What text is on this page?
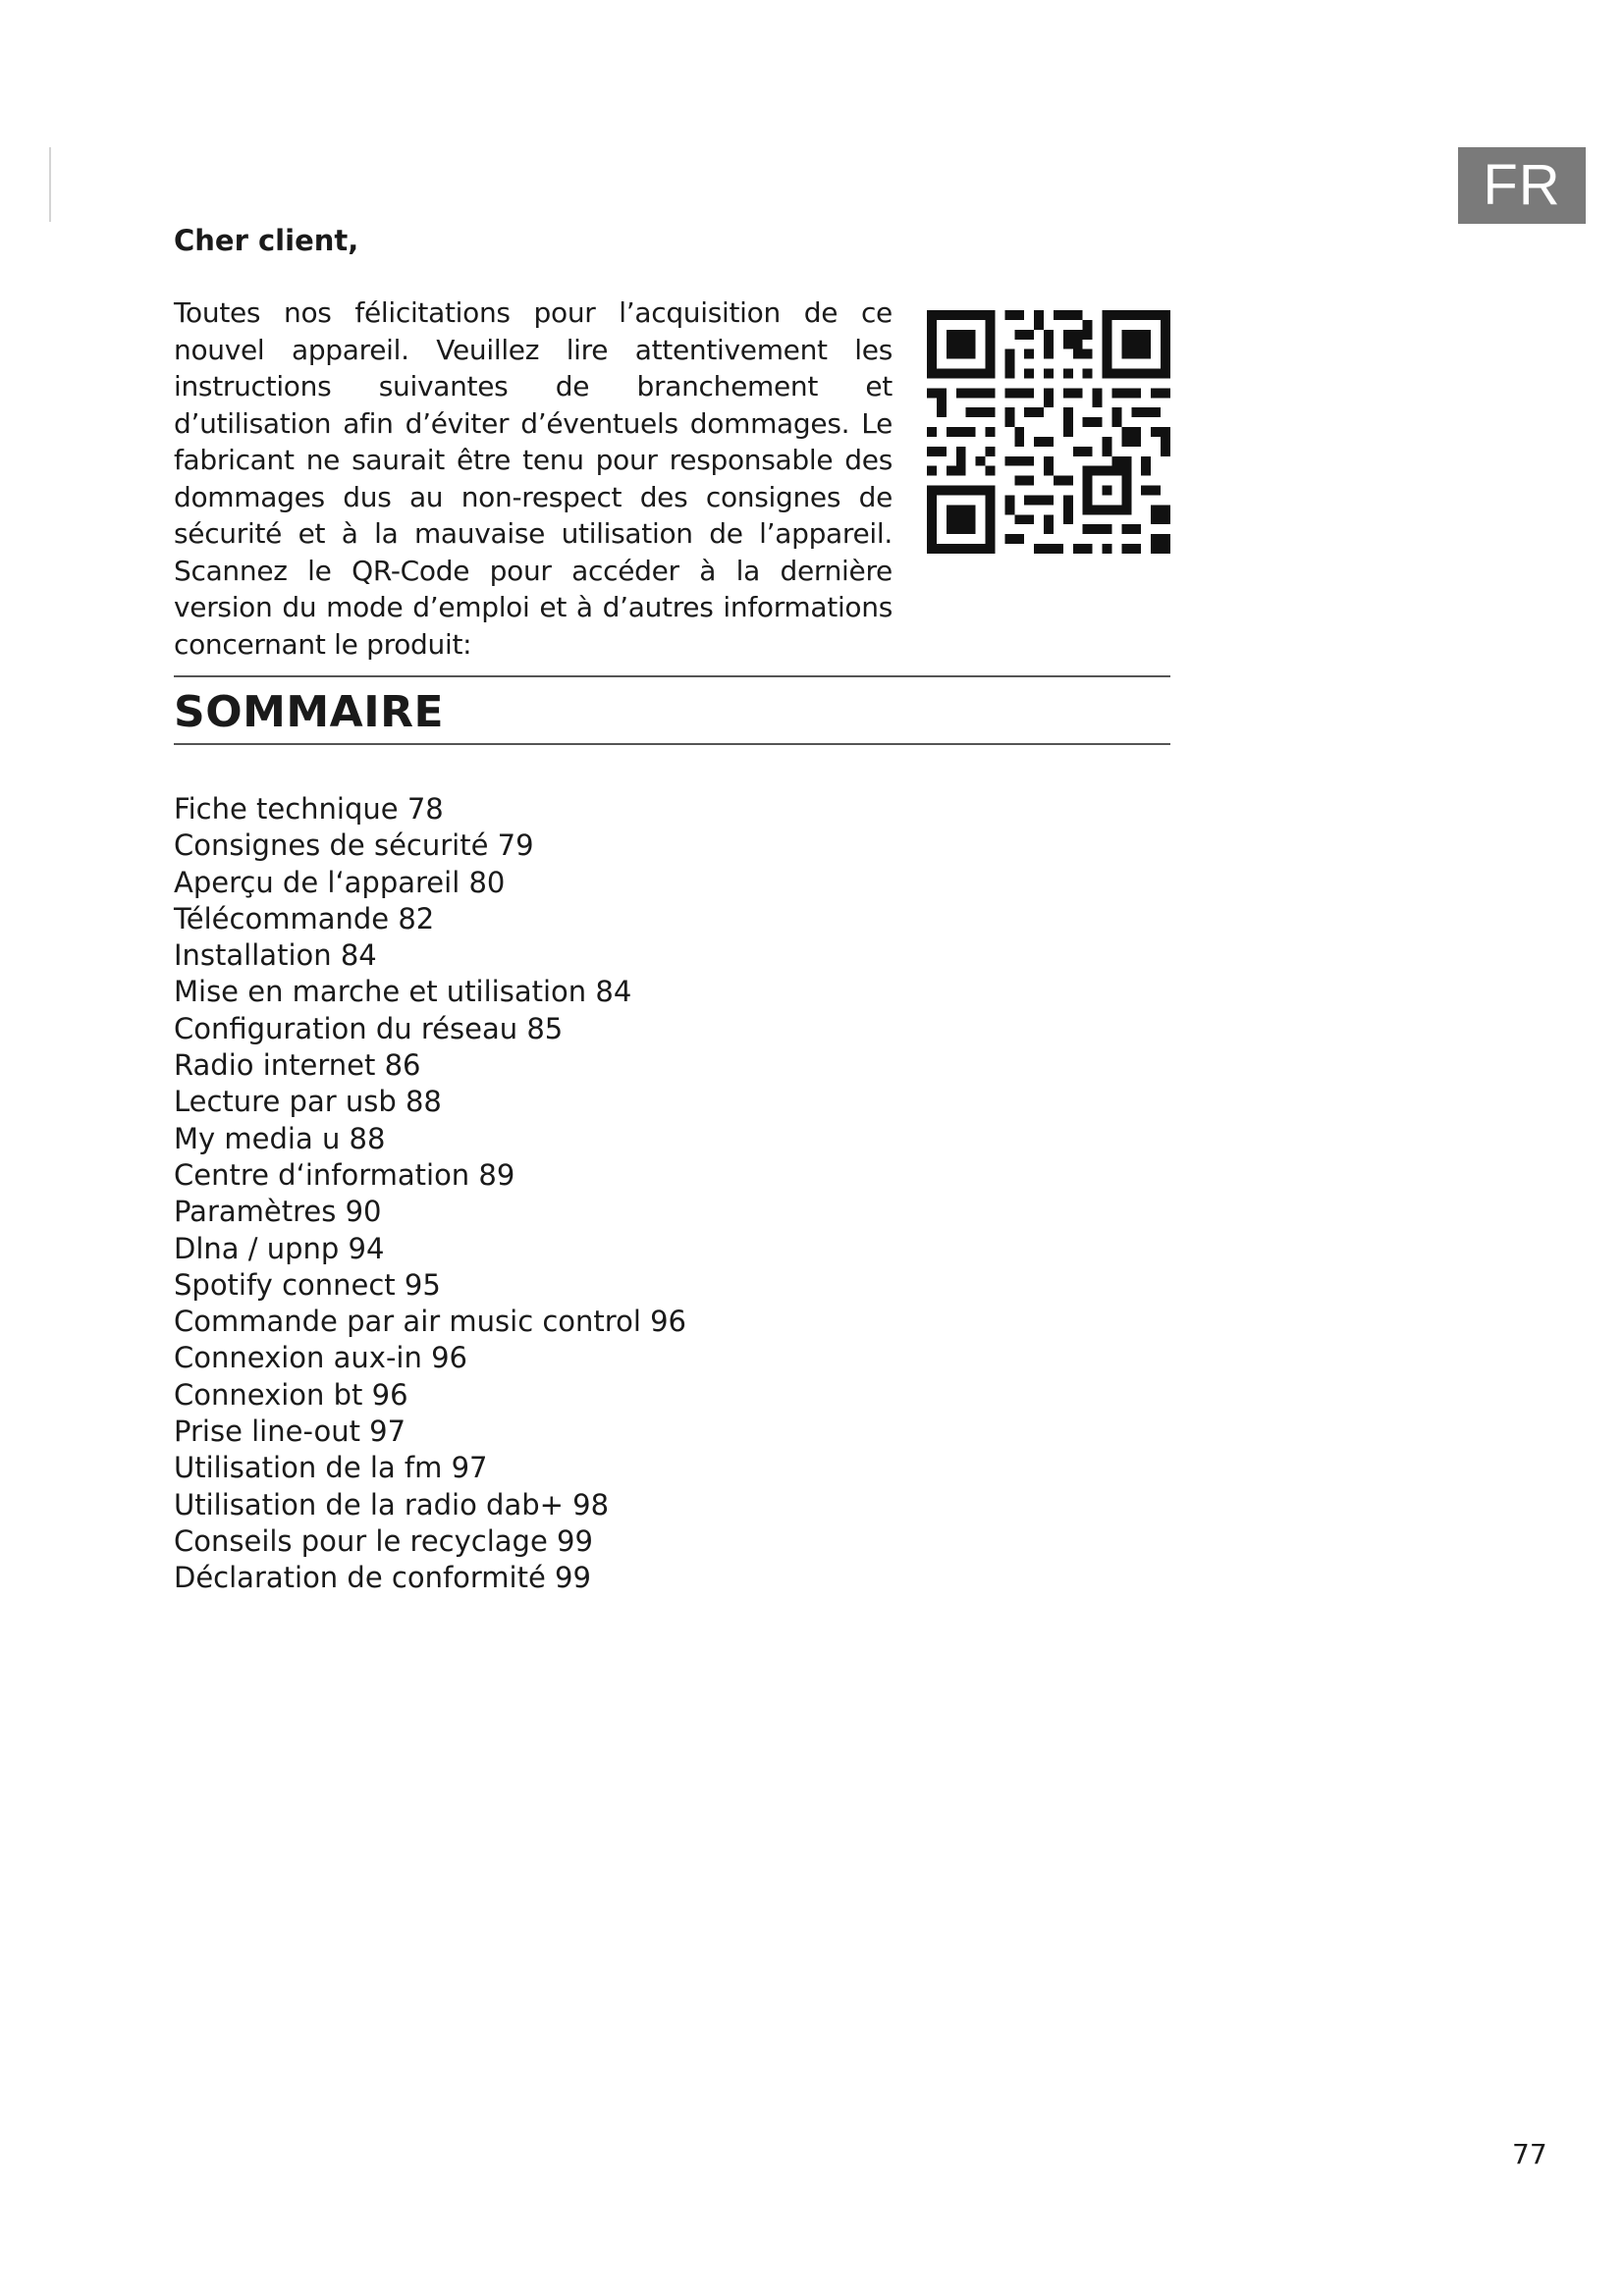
FR

Cher client,

Toutes nos félicitations pour l’acquisition de ce nouvel appareil. Veuillez lire attentivement les instructions suivantes de branchement et d’utilisation afin d’éviter d’éventuels dommages. Le fabricant ne saurait être tenu pour responsable des dommages dus au non-respect des consignes de sécurité et à la mauvaise utilisation de l’appareil. Scannez le QR-Code pour accéder à la dernière version du mode d’emploi et à d’autres informations concernant le produit:

SOMMAIRE
Fiche technique 78
Consignes de sécurité 79
Aperçu de l‘appareil 80
Télécommande 82
Installation 84
Mise en marche et utilisation 84
Configuration du réseau 85
Radio internet 86
Lecture par usb 88
My media u 88
Centre d‘information 89
Paramètres 90
Dlna / upnp 94
Spotify connect 95
Commande par air music control 96
Connexion aux-in 96
Connexion bt 96
Prise line-out 97
Utilisation de la fm 97
Utilisation de la radio dab+ 98
Conseils pour le recyclage 99
Déclaration de conformité 99
77
